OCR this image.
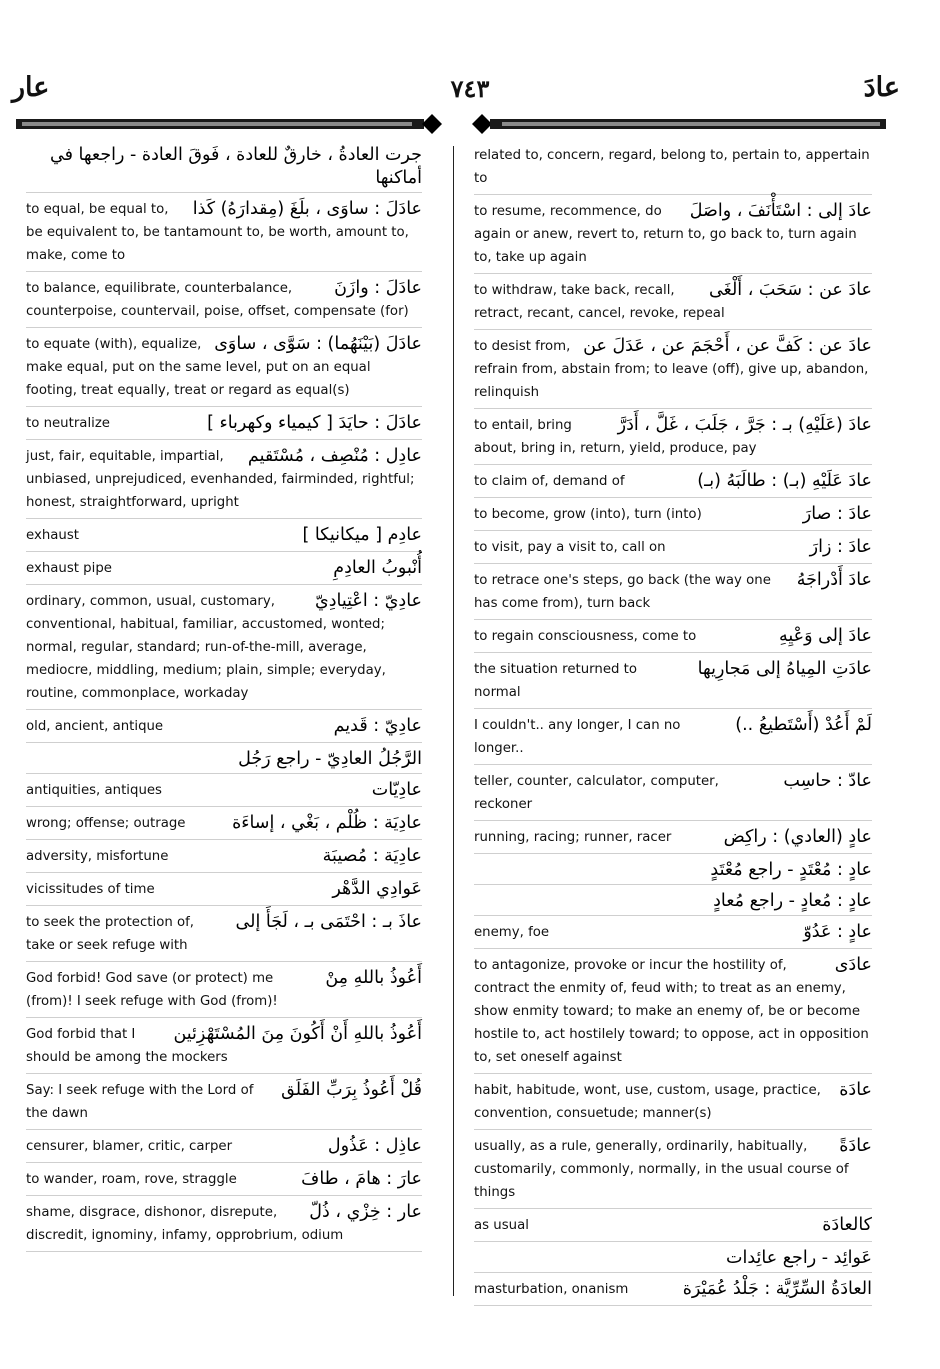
عار	٧٤٣	عادَ
جرت العادةُ ، خارقٌ للعادة ، فَوقَ العادة - راجعها في أماكنها
عادَلَ : ساوَى ، بلَغَ (مِقدارَهُ) كَذا
to equal, be equal to, be equivalent to, be tantamount to, be worth, amount to, make, come to
عادَلَ : وازَنَ
to balance, equilibrate, counterbalance, counterpoise, countervail, poise, offset, compensate (for)
عادَلَ (بَيْنَهُما) : سَوَّى ، ساوَى
to equate (with), equalize, make equal, put on the same level, put on an equal footing, treat equally, treat or regard as equal(s)
عادَلَ : حايَدَ [ كيمياء وكهرباء ]
to neutralize
عادِل : مُنْصِف ، مُسْتَقيم
just, fair, equitable, impartial, unbiased, unprejudiced, evenhanded, fairminded, rightful; honest, straightforward, upright
عادِم [ ميكانيكا ]
exhaust
أُنْبوبُ العادِمِ
exhaust pipe
عادِيّ : اعْتِيادِيّ
ordinary, common, usual, customary, conventional, habitual, familiar, accustomed, wonted; normal, regular, standard; run-of-the-mill, average, mediocre, middling, medium; plain, simple; everyday, routine, commonplace, workaday
عادِيّ : قَديم
old, ancient, antique
الرَّجُلُ العادِيّ - راجع رَجُل
عادِيّات
antiquities, antiques
عادِيَة : ظُلْم ، بَغْي ، إساءَة
wrong; offense; outrage
عادِيَة : مُصيبَة
adversity, misfortune
عَوادِي الدَّهْر
vicissitudes of time
عاذَ بـ : احْتَمَى بـ ، لَجَأَ إلى
to seek the protection of, take or seek refuge with
أَعُوذُ باللهِ مِنْ
God forbid! God save (or protect) me (from)! I seek refuge with God (from)!
أَعُوذُ باللهِ أَنْ أَكُونَ مِنَ المُسْتَهْزِئين
God forbid that I should be among the mockers
قُلْ أَعُوذُ بِرَبِّ الفَلَق
Say: I seek refuge with the Lord of the dawn
عاذِل : عَذُول
censurer, blamer, critic, carper
عارَ : هامَ ، طافَ
to wander, roam, rove, straggle
عار : خِزْي ، ذُلّ
shame, disgrace, dishonor, disrepute, discredit, ignominy, infamy, opprobrium, odium
related to, concern, regard, belong to, pertain to, appertain to
عادَ إلى : اسْتَأْنَفَ ، واصَلَ
to resume, recommence, do again or anew, revert to, return to, go back to, turn again to, take up again
عادَ عن : سَحَبَ ، أَلْغَى
to withdraw, take back, recall, retract, recant, cancel, revoke, repeal
عادَ عن : كَفَّ عن ، أَحْجَمَ عن ، عَدَلَ عن
to desist from, refrain from, abstain from; to leave (off), give up, abandon, relinquish
عادَ (عَلَيْهِ) بـ : جَرَّ ، جَلَبَ ، غَلَّ ، أَدَرَّ
to entail, bring about, bring in, return, yield, produce, pay
عادَ عَلَيْهِ (بـ) : طالَبَهُ (بـ)
to claim of, demand of
عادَ : صارَ
to become, grow (into), turn (into)
عادَ : زارَ
to visit, pay a visit to, call on
عادَ أَدْراجَهُ
to retrace one's steps, go back (the way one has come from), turn back
عادَ إلى وَعْيِهِ
to regain consciousness, come to
عادَتِ المِياهُ إلى مَجارِيها
the situation returned to normal
لَمْ أَعُدْ (أَسْتَطيعُ ..)
I couldn't.. any longer, I can no longer..
عادّ : حاسِب
teller, counter, calculator, computer, reckoner
عادٍ (العادي) : راكِض
running, racing; runner, racer
عادٍ : مُعْتَدٍ - راجع مُعْتَدٍ
عادٍ : مُعادٍ - راجع مُعادٍ
عادٍ : عَدُوّ
enemy, foe
عادَى
to antagonize, provoke or incur the hostility of, contract the enmity of, feud with; to treat as an enemy, show enmity toward; to make an enemy of, be or become hostile to, act hostilely toward; to oppose, act in opposition to, set oneself against
عادَة
habit, habitude, wont, use, custom, usage, practice, convention, consuetude; manner(s)
عادَةً
usually, as a rule, generally, ordinarily, habitually, customarily, commonly, normally, in the usual course of things
كالعادَة
as usual
عَوائِد - راجع عائِدات
العادَةُ السِّرِّيَّة : جَلْدُ عُمَيْرَة
masturbation, onanism
